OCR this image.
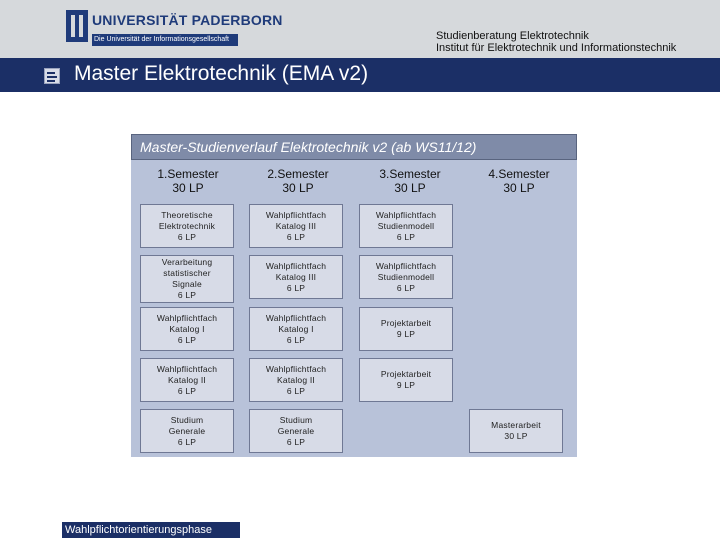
UNIVERSITÄT PADERBORN
Die Universität der Informationsgesellschaft	Studienberatung Elektrotechnik
Institut für Elektrotechnik und Informationstechnik
Master Elektrotechnik (EMA v2)
Master-Studienverlauf Elektrotechnik v2 (ab WS11/12)
1.Semester
30 LP
2.Semester
30 LP
3.Semester
30 LP
4.Semester
30 LP
Theoretische
Elektrotechnik
6 LP
Verarbeitung
statistischer
Signale
6 LP
Wahlpflichtfach
Katalog I
6 LP
Wahlpflichtfach
Katalog II
6 LP
Studium
Generale
6 LP
Wahlpflichtfach
Katalog III
6 LP
Wahlpflichtfach
Katalog III
6 LP
Wahlpflichtfach
Katalog I
6 LP
Wahlpflichtfach
Katalog II
6 LP
Studium
Generale
6 LP
Wahlpflichtfach
Studienmodell
6 LP
Wahlpflichtfach
Studienmodell
6 LP
Projektarbeit
9 LP
Projektarbeit
9 LP
Masterarbeit
30 LP
Wahlpflichtorientierungsphase
